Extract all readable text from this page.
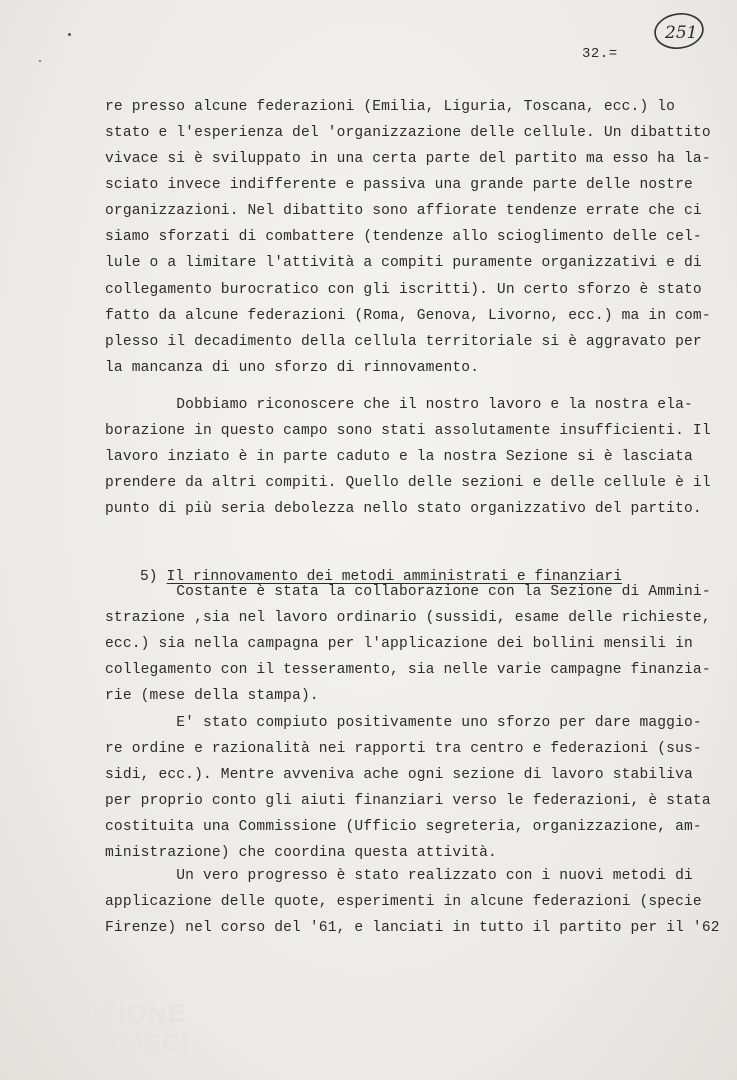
251
32.=
re presso alcune federazioni (Emilia, Liguria, Toscana, ecc.) lo
stato e l'esperienza del 'organizzazione delle cellule. Un dibattito
vivace si è sviluppato in una certa parte del partito ma esso ha la-
sciato invece indifferente e passiva una grande parte delle nostre
organizzazioni. Nel dibattito sono affiorate tendenze errate che ci
siamo sforzati di combattere (tendenze allo scioglimento delle cel-
lule o a limitare l'attività a compiti puramente organizzativi e di
collegamento burocratico con gli iscritti). Un certo sforzo è stato
fatto da alcune federazioni (Roma, Genova, Livorno, ecc.) ma in com-
plesso il decadimento della cellula territoriale si è aggravato per
la mancanza di uno sforzo di rinnovamento.
Dobbiamo riconoscere che il nostro lavoro e la nostra ela-
borazione in questo campo sono stati assolutamente insufficienti. Il
lavoro inziato è in parte caduto e la nostra Sezione si è lasciata
prendere da altri compiti. Quello delle sezioni e delle cellule è il
punto di più seria debolezza nello stato organizzativo del partito.

5) Il rinnovamento dei metodi amministrati e finanziari

Costante è stata la collaborazione con la Sezione di Ammini-
strazione ,sia nel lavoro ordinario (sussidi, esame delle richieste,
ecc.) sia nella campagna per l'applicazione dei bollini mensili in
collegamento con il tesseramento, sia nelle varie campagne finanzia-
rie (mese della stampa).
E' stato compiuto positivamente uno sforzo per dare maggio-
re ordine e razionalità nei rapporti tra centro e federazioni (sus-
sidi, ecc.). Mentre avveniva ache ogni sezione di lavoro stabiliva
per proprio conto gli aiuti finanziari verso le federazioni, è stata
costituita una Commissione (Ufficio segreteria, organizzazione, am-
ministrazione) che coordina questa attività.
Un vero progresso è stato realizzato con i nuovi metodi di
applicazione delle quote, esperimenti in alcune federazioni (specie
Firenze) nel corso del '61, e lanciati in tutto il partito per il '62
FONDAZIONE
GRAMSCI
